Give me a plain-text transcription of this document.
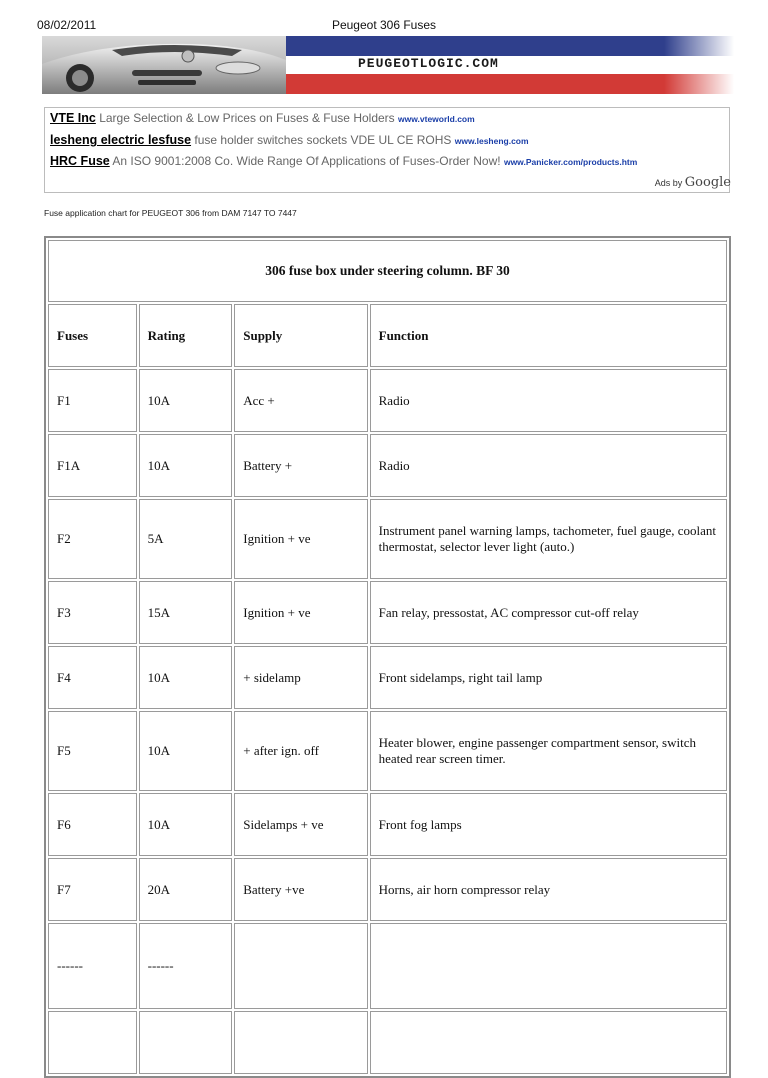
08/02/2011	Peugeot 306 Fuses
PEUGEOTLOGIC.COM
VTE Inc Large Selection & Low Prices on Fuses & Fuse Holders www.vteworld.com
lesheng electric lesfuse fuse holder switches sockets VDE UL CE ROHS www.lesheng.com
HRC Fuse An ISO 9001:2008 Co. Wide Range Of Applications of Fuses-Order Now! www.Panicker.com/products.htm
Ads by Google
Fuse application chart for PEUGEOT 306 from DAM 7147 TO 7447
306 fuse box under steering column. BF 30			
Fuses	Rating	Supply	Function
F1	10A	Acc +	Radio
F1A	10A	Battery +	Radio
F2	5A	Ignition + ve	Instrument panel warning lamps, tachometer, fuel gauge, coolant thermostat, selector lever light (auto.)
F3	15A	Ignition + ve	Fan relay, pressostat, AC compressor cut-off relay
F4	10A	+ sidelamp	Front sidelamps, right tail lamp
F5	10A	+ after ign. off	Heater blower, engine passenger compartment sensor, switch heated rear screen timer.
F6	10A	Sidelamps + ve	Front fog lamps
F7	20A	Battery +ve	Horns, air horn compressor relay
------	------		
